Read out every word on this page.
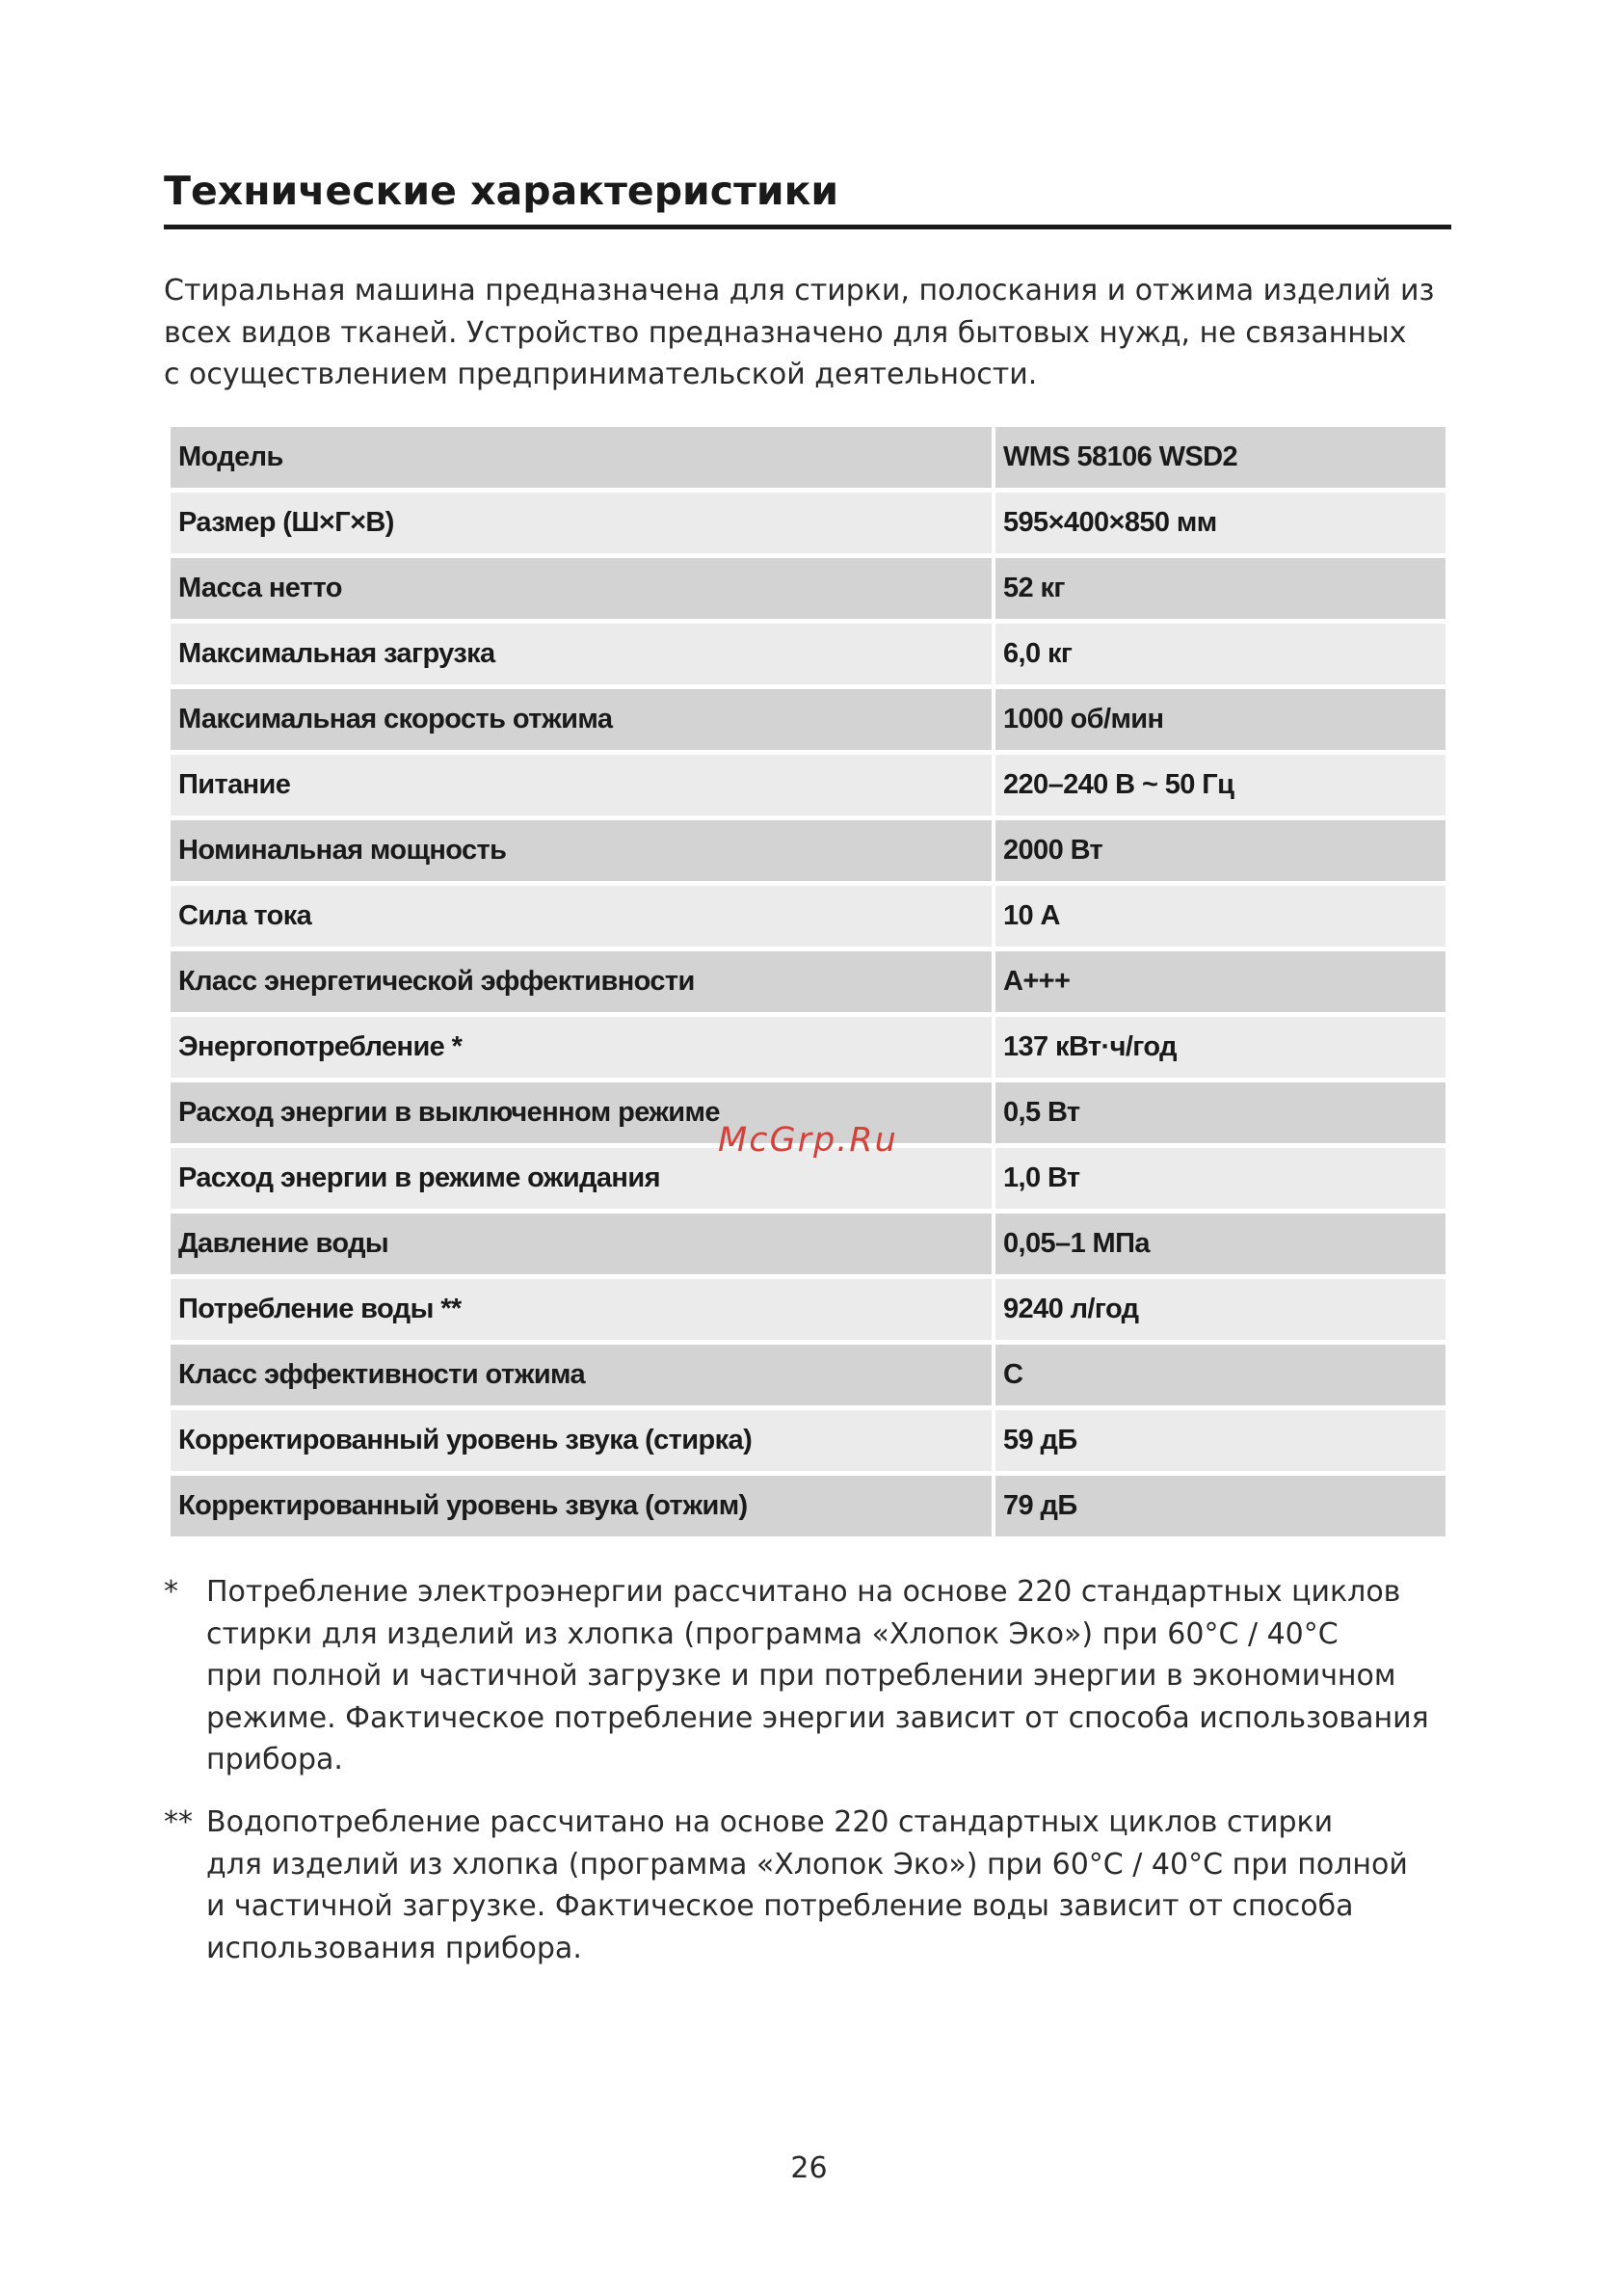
Технические характеристики
Стиральная машина предназначена для стирки, полоскания и отжима изделий из
всех видов тканей. Устройство предназначено для бытовых нужд, не связанных
с осуществлением предпринимательской деятельности.
Модель	WMS 58106 WSD2
Размер (Ш×Г×В)	595×400×850 мм
Масса нетто	52 кг
Максимальная загрузка	6,0 кг
Максимальная скорость отжима	1000 об/мин
Питание	220–240 В ~ 50 Гц
Номинальная мощность	2000 Вт
Сила тока	10 А
Класс энергетической эффективности	A+++
Энергопотребление *	137 кВт·ч/год
Расход энергии в выключенном режиме	0,5 Вт
Расход энергии в режиме ожидания	1,0 Вт
Давление воды	0,05–1 МПа
Потребление воды **	9240 л/год
Класс эффективности отжима	C
Корректированный уровень звука (стирка)	59 дБ
Корректированный уровень звука (отжим)	79 дБ
McGrp.Ru
* Потребление электроэнергии рассчитано на основе 220 стандартных циклов
стирки для изделий из хлопка (программа «Хлопок Эко») при 60°C / 40°C
при полной и частичной загрузке и при потреблении энергии в экономичном
режиме. Фактическое потребление энергии зависит от способа использования
прибора.
** Водопотребление рассчитано на основе 220 стандартных циклов стирки
для изделий из хлопка (программа «Хлопок Эко») при 60°C / 40°C при полной
и частичной загрузке. Фактическое потребление воды зависит от способа
использования прибора.
26
